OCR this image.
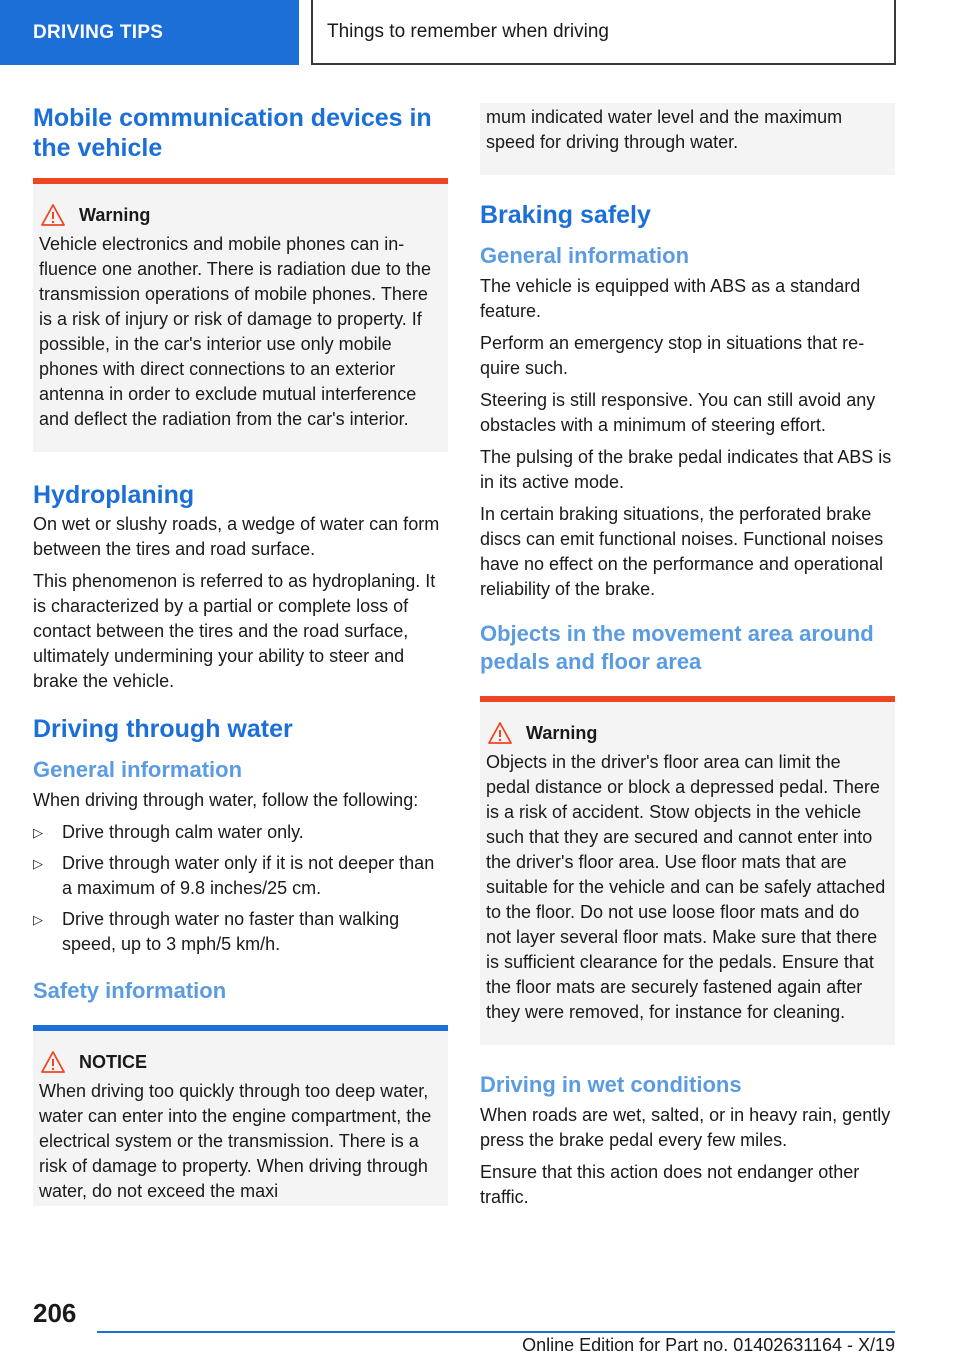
DRIVING TIPS	Things to remember when driving
Mobile communication devices in the vehicle
Warning

Vehicle electronics and mobile phones can influence one another. There is radiation due to the transmission operations of mobile phones. There is a risk of injury or risk of damage to property. If possible, in the car's interior use only mobile phones with direct connections to an exterior antenna in order to exclude mutual interference and deflect the radiation from the car's interior.

Hydroplaning

On wet or slushy roads, a wedge of water can form between the tires and road surface.

This phenomenon is referred to as hydroplaning. It is characterized by a partial or complete loss of contact between the tires and the road surface, ultimately undermining your ability to steer and brake the vehicle.

Driving through water
General information

When driving through water, follow the following:

▷ Drive through calm water only.
▷ Drive through water only if it is not deeper than a maximum of 9.8 inches/25 cm.
▷ Drive through water no faster than walking speed, up to 3 mph/5 km/h.
Safety information
NOTICE

When driving too quickly through too deep water, water can enter into the engine compartment, the electrical system or the transmission. There is a risk of damage to property. When driving through water, do not exceed the maxi

mum indicated water level and the maximum speed for driving through water.

Braking safely
General information

The vehicle is equipped with ABS as a standard feature.

Perform an emergency stop in situations that require such.

Steering is still responsive. You can still avoid any obstacles with a minimum of steering effort.

The pulsing of the brake pedal indicates that ABS is in its active mode.

In certain braking situations, the perforated brake discs can emit functional noises. Functional noises have no effect on the performance and operational reliability of the brake.

Objects in the movement area around pedals and floor area
Warning

Objects in the driver's floor area can limit the pedal distance or block a depressed pedal. There is a risk of accident. Stow objects in the vehicle such that they are secured and cannot enter into the driver's floor area. Use floor mats that are suitable for the vehicle and can be safely attached to the floor. Do not use loose floor mats and do not layer several floor mats. Make sure that there is sufficient clearance for the pedals. Ensure that the floor mats are securely fastened again after they were removed, for instance for cleaning.

Driving in wet conditions

When roads are wet, salted, or in heavy rain, gently press the brake pedal every few miles.

Ensure that this action does not endanger other traffic.

206
Online Edition for Part no. 01402631164 - X/19
